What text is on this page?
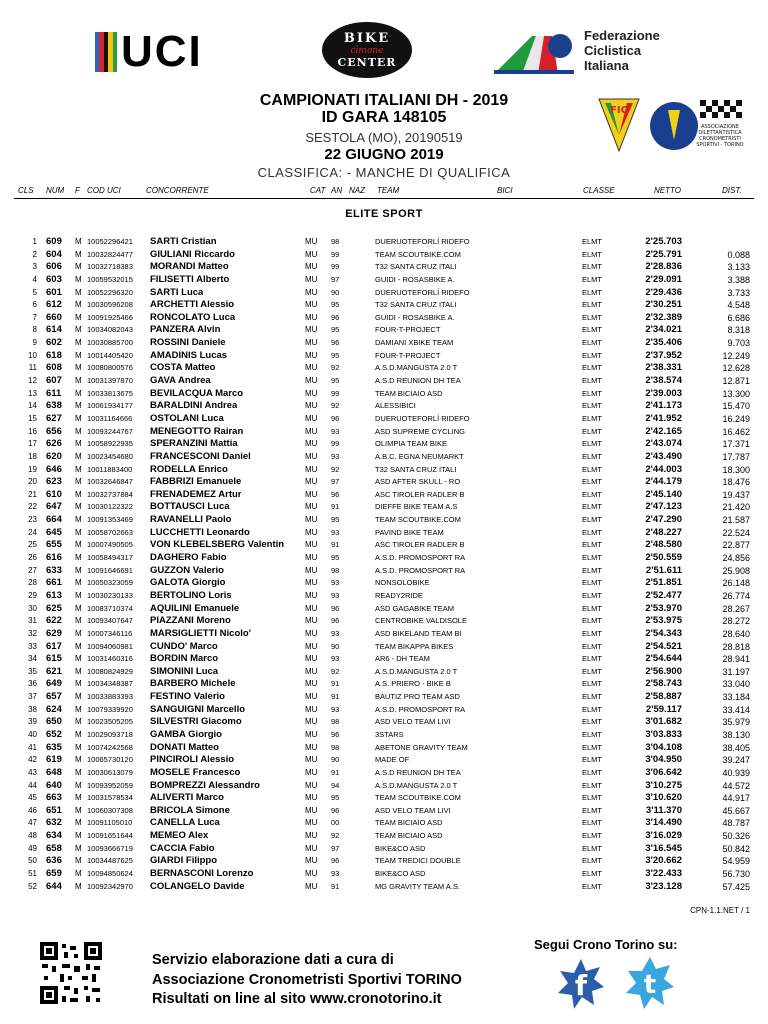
UCI	BIKE
cimone
CENTER
Federazione
Ciclistica
Italiana
CAMPIONATI ITALIANI DH - 2019
ID GARA 148105
SESTOLA (MO), 20190519
22 GIUGNO 2019
CLASSIFICA: - MANCHE DI QUALIFICA
FIC
ASSOCIAZIONE
DILETTANTISTICA
CRONOMETRISTI
SPORTIVI - TORINO
CLS NUM F COD UCI	CONCORRENTE	CAT AN NAZ TEAM	BICI	CLASSE	NETTO	DIST.
ELITE SPORT
1 609 M 10052296421 SARTI Cristian	MU 98	DUERUOTEFORLÍ RIDEFO	ELMT	2'25.703
2 604 M 10032824477 GIULIANI Riccardo	MU 99	TEAM SCOUTBIKE.COM	ELMT	2'25.791	0.088
3 606 M 10032718383 MORANDI Matteo	MU 99	T32 SANTA CRUZ ITALI	ELMT	2'28.836	3.133
4 603 M 10059532015 FILISETTI Alberto	MU 97	GUIDI - ROSASBIKE A.	ELMT	2'29.091	3.388
5 601 M 10052296320 SARTI Luca	MU 90	DUERUOTEFORLÍ RIDEFO	ELMT	2'29.436	3.733
6 612 M 10030596208 ARCHETTI Alessio	MU 95	T32 SANTA CRUZ ITALI	ELMT	2'30.251	4.548
7 660 M 10091925466 RONCOLATO Luca	MU 96	GUIDI - ROSASBIKE A.	ELMT	2'32.389	6.686
8 614 M 10034082043 PANZERA Alvin	MU 95	FOUR-T-PROJECT	ELMT	2'34.021	8.318
9 602 M 10030885700 ROSSINI Daniele	MU 96	DAMIANI XBIKE TEAM	ELMT	2'35.406	9.703
10 618 M 10014405420 AMADINIS Lucas	MU 95	FOUR-T-PROJECT	ELMT	2'37.952	12.249
11 608 M 10080800576 COSTA Matteo	MU 92	A.S.D.MANGUSTA 2.0 T	ELMT	2'38.331	12.628
12 607 M 10031397870 GAVA Andrea	MU 95	A.S.D REUNION DH TEA	ELMT	2'38.574	12.871
13 611 M 10033813675 BEVILACQUA Marco	MU 99	TEAM BICIAIO ASD	ELMT	2'39.003	13.300
14 638 M 10061934177 BARALDINI Andrea	MU 92	ALESSIBICI	ELMT	2'41.173	15.470
15 627 M 10031164666 OSTOLANI Luca	MU 96	DUERUOTEFORLÍ RIDEFO	ELMT	2'41.952	16.249
16 656 M 10093244767 MENEGOTTO Rairan	MU 93	ASD SUPREME CYCLING	ELMT	2'42.165	16.462
17 626 M 10058922935 SPERANZINI Mattia	MU 99	OLIMPIA TEAM BIKE	ELMT	2'43.074	17.371
18 620 M 10023454680 FRANCESCONI Daniel	MU 93	A.B.C. EGNA NEUMARKT	ELMT	2'43.490	17.787
19 646 M 10011883400 RODELLA Enrico	MU 92	T32 SANTA CRUZ ITALI	ELMT	2'44.003	18.300
20 623 M 10032646847 FABBRIZI Emanuele	MU 97	ASD AFTER SKULL - RO	ELMT	2'44.179	18.476
21 610 M 10032737884 FRENADEMEZ Artur	MU 96	ASC TIROLER RADLER B	ELMT	2'45.140	19.437
22 647 M 10030122322 BOTTAUSCI Luca	MU 91	DIEFFE BIKE TEAM A.S	ELMT	2'47.123	21.420
23 664 M 10091353469 RAVANELLI Paolo	MU 95	TEAM SCOUTBIKE.COM	ELMT	2'47.290	21.587
24 645 M 10058702663 LUCCHETTI Leonardo	MU 93	PAVIND BIKE TEAM	ELMT	2'48.227	22.524
25 655 M 10007490505 VON KLEBELSBERG Valentin	MU 91	ASC TIROLER RADLER B	ELMT	2'48.580	22.877
26 616 M 10058494317 DAGHERO Fabio	MU 95	A.S.D. PROMOSPORT RA	ELMT	2'50.559	24.856
27 633 M 10091646691 GUZZON Valerio	MU 98	A.S.D. PROMOSPORT RA	ELMT	2'51.611	25.908
28 661 M 10050323059 GALOTA Giorgio	MU 93	NONSOLOBIKE	ELMT	2'51.851	26.148
29 613 M 10030230133 BERTOLINO Loris	MU 93	READY2RIDE	ELMT	2'52.477	26.774
30 625 M 10083710374 AQUILINI Emanuele	MU 96	ASD GAGABIKE TEAM	ELMT	2'53.970	28.267
31 622 M 10093407647 PIAZZANI Moreno	MU 96	CENTROBIKE VALDISOLE	ELMT	2'53.975	28.272
32 629 M 10007346116 MARSIGLIETTI Nicolo'	MU 93	ASD BIKELAND TEAM BI	ELMT	2'54.343	28.640
33 617 M 10094060981 CUNDO' Marco	MU 90	TEAM BIKAPPA BIKES	ELMT	2'54.521	28.818
34 615 M 10031460316 BORDIN Marco	MU 93	AR6 - DH TEAM	ELMT	2'54.644	28.941
35 621 M 10080824929 SIMONINI Luca	MU 92	A.S.D.MANGUSTA 2.0 T	ELMT	2'56.900	31.197
36 649 M 10034348387 BARBERO Michele	MU 91	A.S. PRIERO - BIKE B	ELMT	2'58.743	33.040
37 657 M 10033883393 FESTINO Valerio	MU 91	BAUTIZ PRO TEAM ASD	ELMT	2'58.887	33.184
38 624 M 10079339920 SANGUIGNI Marcello	MU 93	A.S.D. PROMOSPORT RA	ELMT	2'59.117	33.414
39 650 M 10023505205 SILVESTRI Giacomo	MU 98	ASD VELO TEAM LIVI	ELMT	3'01.682	35.979
40 652 M 10029093718 GAMBA Giorgio	MU 96	3STARS	ELMT	3'03.833	38.130
41 635 M 10074242568 DONATI Matteo	MU 98	ABETONE GRAVITY TEAM	ELMT	3'04.108	38.405
42 619 M 10065730120 PINCIROLI Alessio	MU 90	MADE OF	ELMT	3'04.950	39.247
43 648 M 10030613079 MOSELE Francesco	MU 91	A.S.D REUNION DH TEA	ELMT	3'06.642	40.939
44 640 M 10093952059 BOMPREZZI Alessandro	MU 94	A.S.D.MANGUSTA 2.0 T	ELMT	3'10.275	44.572
45 663 M 10031578534 ALIVERTI Marco	MU 95	TEAM SCOUTBIKE.COM	ELMT	3'10.620	44.917
46 651 M 10060307308 BRICOLA Simone	MU 96	ASD VELO TEAM LIVI	ELMT	3'11.370	45.667
47 632 M 10091105010 CANELLA Luca	MU 00	TEAM BICIAIO ASD	ELMT	3'14.490	48.787
48 634 M 10091651644 MEMEO Alex	MU 92	TEAM BICIAIO ASD	ELMT	3'16.029	50.326
49 658 M 10093666719 CACCIA Fabio	MU 97	BIKE&CO ASD	ELMT	3'16.545	50.842
50 636 M 10034487625 GIARDI Filippo	MU 96	TEAM TREDICI DOUBLE	ELMT	3'20.662	54.959
51 659 M 10094850624 BERNASCONI Lorenzo	MU 93	BIKE&CO ASD	ELMT	3'22.433	56.730
52 644 M 10092342970 COLANGELO Davide	MU 91	MG GRAVITY TEAM A.S.	ELMT	3'23.128	57.425
CPN-1.1.NET / 1
Servizio elaborazione dati a cura di
Associazione Cronometristi Sportivi TORINO
Risultati on line al sito www.cronotorino.it
Segui Crono Torino su:
f t
